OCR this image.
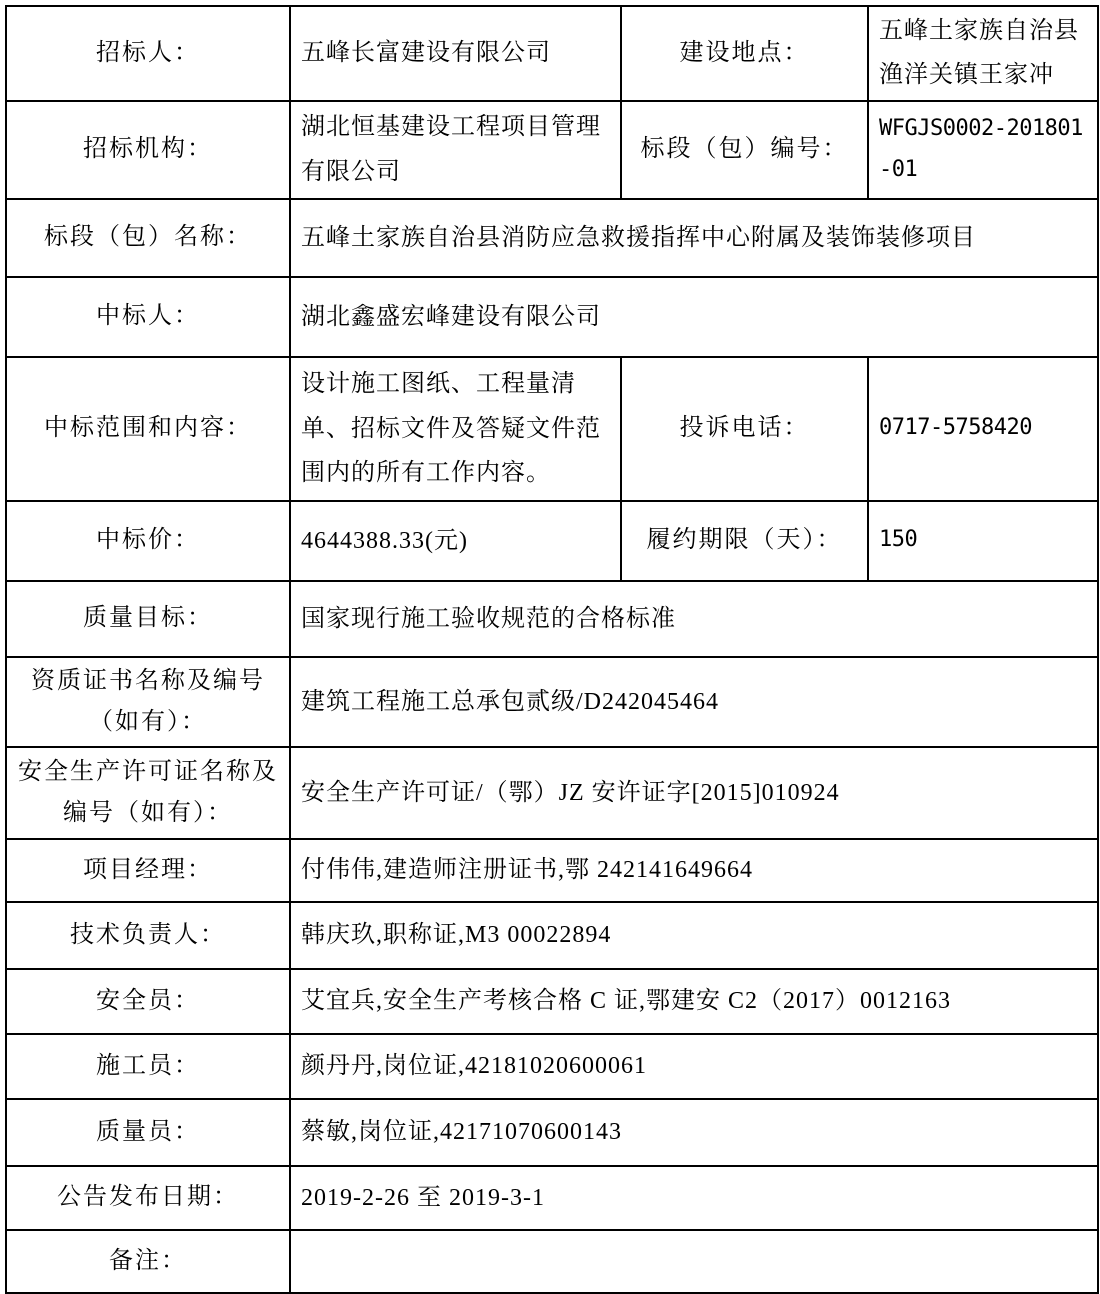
招标人：	五峰长富建设有限公司	建设地点：	五峰土家族自治县渔洋关镇王家冲
招标机构：	湖北恒基建设工程项目管理有限公司	标段（包）编号：	WFGJS0002-201801-01
标段（包）名称：	五峰土家族自治县消防应急救援指挥中心附属及装饰装修项目		
中标人：	湖北鑫盛宏峰建设有限公司		
中标范围和内容：	设计施工图纸、工程量清单、招标文件及答疑文件范围内的所有工作内容。	投诉电话：	0717-5758420
中标价：	4644388.33(元)	履约期限（天）：	150
质量目标：	国家现行施工验收规范的合格标准		
资质证书名称及编号（如有）：	建筑工程施工总承包贰级/D242045464		
安全生产许可证名称及编号（如有）：	安全生产许可证/（鄂）JZ 安许证字[2015]010924		
项目经理：	付伟伟,建造师注册证书,鄂 242141649664		
技术负责人：	韩庆玖,职称证,M3 00022894		
安全员：	艾宜兵,安全生产考核合格 C 证,鄂建安 C2（2017）0012163		
施工员：	颜丹丹,岗位证,42181020600061		
质量员：	蔡敏,岗位证,42171070600143		
公告发布日期：	2019-2-26 至 2019-3-1		
备注：			
